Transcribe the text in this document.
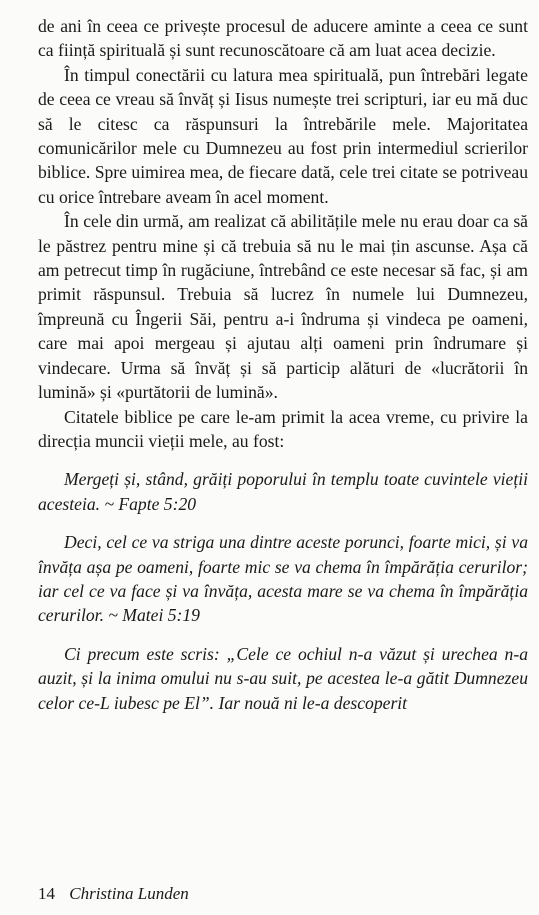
de ani în ceea ce privește procesul de aducere aminte a ceea ce sunt ca ființă spirituală și sunt recunoscătoare că am luat acea decizie.

În timpul conectării cu latura mea spirituală, pun întrebări legate de ceea ce vreau să învăț și Iisus numește trei scripturi, iar eu mă duc să le citesc ca răspunsuri la întrebările mele. Majoritatea comunicărilor mele cu Dumnezeu au fost prin intermediul scrierilor biblice. Spre uimirea mea, de fiecare dată, cele trei citate se potriveau cu orice întrebare aveam în acel moment.

În cele din urmă, am realizat că abilitățile mele nu erau doar ca să le păstrez pentru mine și că trebuia să nu le mai țin ascunse. Așa că am petrecut timp în rugăciune, întrebând ce este necesar să fac, și am primit răspunsul. Trebuia să lucrez în numele lui Dumnezeu, împreună cu Îngerii Săi, pentru a-i îndruma și vindeca pe oameni, care mai apoi mergeau și ajutau alți oameni prin îndrumare și vindecare. Urma să învăț și să particip alături de «lucrătorii în lumină» și «purtătorii de lumină».

Citatele biblice pe care le-am primit la acea vreme, cu privire la direcția muncii vieții mele, au fost:

Mergeți și, stând, grăiți poporului în templu toate cuvintele vieții acesteia. ~ Fapte 5:20

Deci, cel ce va striga una dintre aceste porunci, foarte mici, și va învăța așa pe oameni, foarte mic se va chema în împărăția cerurilor; iar cel ce va face și va învăța, acesta mare se va chema în împărăția cerurilor. ~ Matei 5:19

Ci precum este scris: „Cele ce ochiul n-a văzut și urechea n-a auzit, și la inima omului nu s-au suit, pe acestea le-a gătit Dumnezeu celor ce-L iubesc pe El”. Iar nouă ni le-a descoperit

14 Christina Lunden
